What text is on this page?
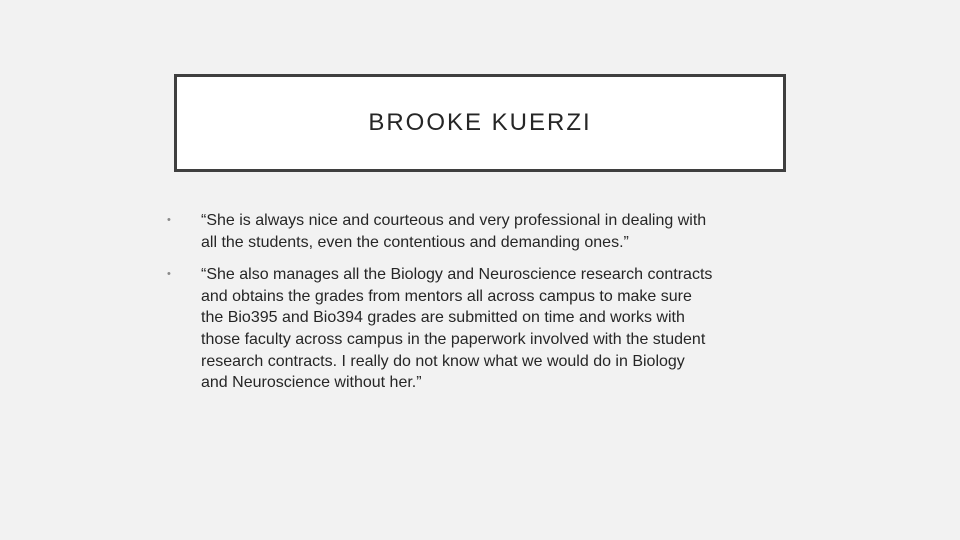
BROOKE KUERZI
•	“She is always nice and courteous and very professional in dealing with
all the students, even the contentious and demanding ones.”
•	“She also manages all the Biology and Neuroscience research contracts
and obtains the grades from mentors all across campus to make sure
the Bio395 and Bio394 grades are submitted on time and works with
those faculty across campus in the paperwork involved with the student
research contracts. I really do not know what we would do in Biology
and Neuroscience without her.”
